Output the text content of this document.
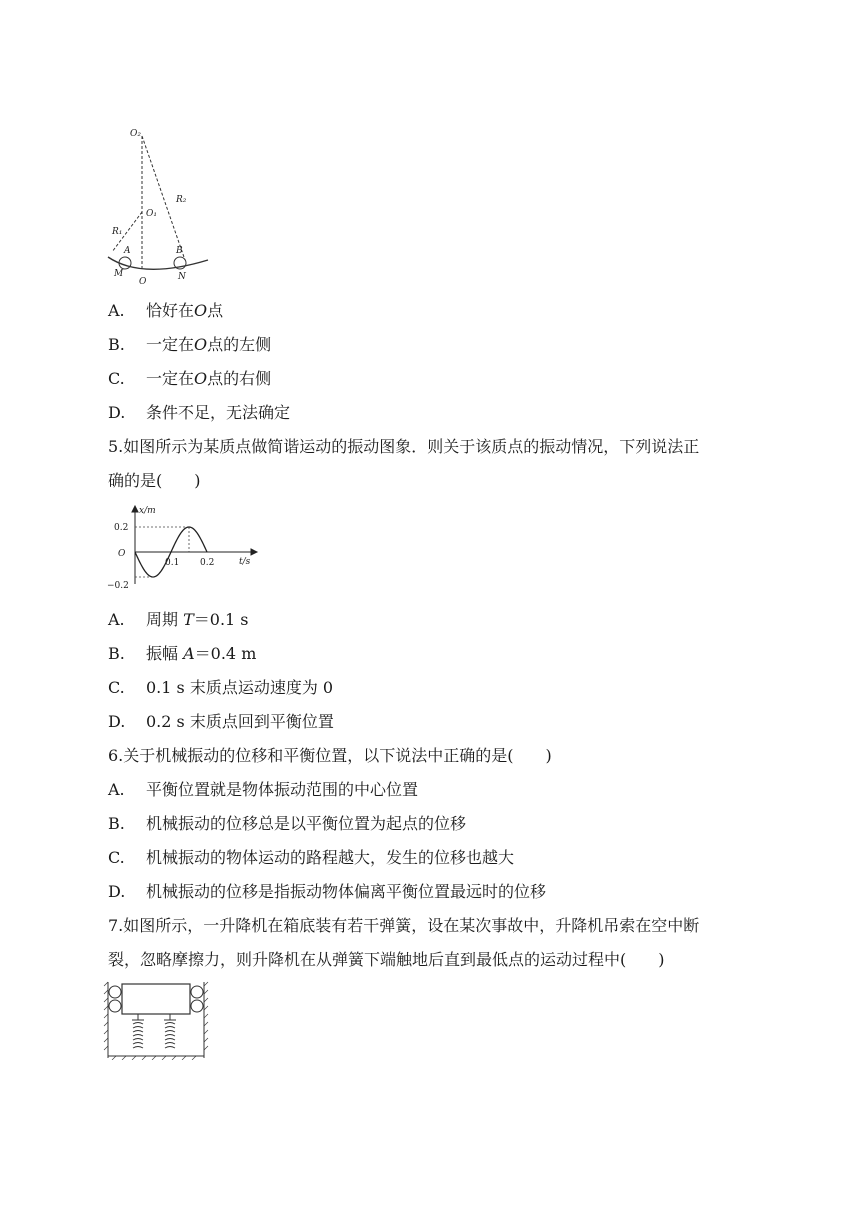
O₂
O₁
R₁
R₂
A	B
M
O	N
A. 恰好在O点
B. 一定在O点的左侧
C. 一定在O点的右侧
D. 条件不足，无法确定
5.如图所示为某质点做简谐运动的振动图象．则关于该质点的振动情况，下列说法正
确的是(　　)
x/m
t/s
O
0.2
−0.2
0.1 0.2
A. 周期 T＝0.1 s
B. 振幅 A＝0.4 m
C. 0.1 s 末质点运动速度为 0
D. 0.2 s 末质点回到平衡位置
6.关于机械振动的位移和平衡位置，以下说法中正确的是(　　)
A. 平衡位置就是物体振动范围的中心位置
B. 机械振动的位移总是以平衡位置为起点的位移
C. 机械振动的物体运动的路程越大，发生的位移也越大
D. 机械振动的位移是指振动物体偏离平衡位置最远时的位移
7.如图所示，一升降机在箱底装有若干弹簧，设在某次事故中，升降机吊索在空中断
裂，忽略摩擦力，则升降机在从弹簧下端触地后直到最低点的运动过程中(　　)
